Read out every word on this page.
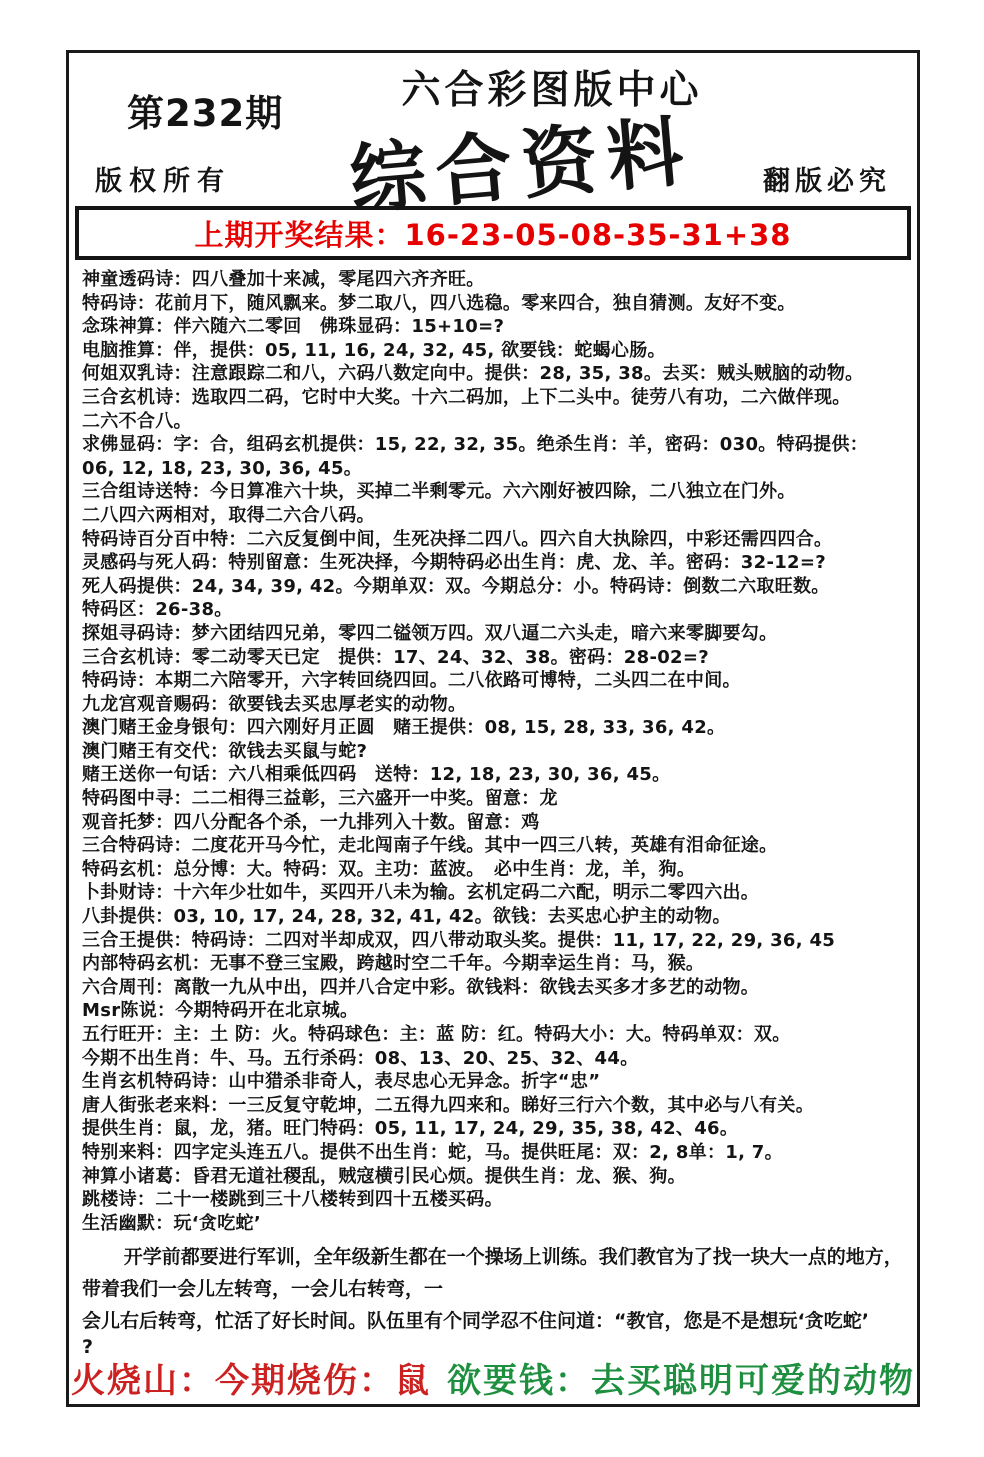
第232期
六合彩图版中心
综合资料
版权所有	翻版必究
上期开奖结果：16-23-05-08-35-31+38
神童透码诗：四八叠加十来减，零尾四六齐齐旺。
特码诗：花前月下，随风飘来。梦二取八，四八选稳。零来四合，独自猜测。友好不变。
念珠神算：伴六随六二零回　佛珠显码：15+10=?
电脑推算：伴，提供：05, 11, 16, 24, 32, 45, 欲要钱：蛇蝎心肠。
何姐双乳诗：注意跟踪二和八，六码八数定向中。提供：28, 35, 38。去买：贼头贼脑的动物。
三合玄机诗：选取四二码，它时中大奖。十六二码加，上下二头中。徒劳八有功，二六做伴现。
二六不合八。
求佛显码：字：合，组码玄机提供：15, 22, 32, 35。绝杀生肖：羊，密码：030。特码提供：
06, 12, 18, 23, 30, 36, 45。
三合组诗送特：今日算准六十块，买掉二半剩零元。六六刚好被四除，二八独立在门外。
二八四六两相对，取得二六合八码。
特码诗百分百中特：二六反复倒中间，生死决择二四八。四六自大执除四，中彩还需四四合。
灵感码与死人码：特别留意：生死决择，今期特码必出生肖：虎、龙、羊。密码：32-12=?
死人码提供：24, 34, 39, 42。今期单双：双。今期总分：小。特码诗：倒数二六取旺数。
特码区：26-38。
探姐寻码诗：梦六团结四兄弟，零四二镒领万四。双八逼二六头走，暗六来零脚要勾。
三合玄机诗：零二动零天已定　提供：17、24、32、38。密码：28-02=?
特码诗：本期二六陪零开，六字转回绕四回。二八依路可博特，二头四二在中间。
九龙宫观音赐码：欲要钱去买忠厚老实的动物。
澳门赌王金身银句：四六刚好月正圆　赌王提供：08, 15, 28, 33, 36, 42。
澳门赌王有交代：欲钱去买鼠与蛇?
赌王送你一句话：六八相乘低四码　送特：12, 18, 23, 30, 36, 45。
特码图中寻：二二相得三益彰，三六盛开一中奖。留意：龙
观音托梦：四八分配各个杀，一九排列入十数。留意：鸡
三合特码诗：二度花开马今忙，走北闯南子午线。其中一四三八转，英雄有泪命征途。
特码玄机：总分博：大。特码：双。主功：蓝波。　必中生肖：龙，羊，狗。
卜卦财诗：十六年少壮如牛，买四开八未为输。玄机定码二六配，明示二零四六出。
八卦提供：03, 10, 17, 24, 28, 32, 41, 42。欲钱：去买忠心护主的动物。
三合王提供：特码诗：二四对半却成双，四八带动取头奖。提供：11, 17, 22, 29, 36, 45
内部特码玄机：无事不登三宝殿，跨越时空二千年。今期幸运生肖：马，猴。
六合周刊：离散一九从中出，四并八合定中彩。欲钱料：欲钱去买多才多艺的动物。
Msr陈说：今期特码开在北京城。
五行旺开：主：土 防：火。特码球色：主：蓝 防：红。特码大小：大。特码单双：双。
今期不出生肖：牛、马。五行杀码：08、13、20、25、32、44。
生肖玄机特码诗：山中猎杀非奇人，表尽忠心无异念。折字“忠”
唐人街张老来料：一三反复守乾坤，二五得九四来和。睇好三行六个数，其中必与八有关。
提供生肖：鼠，龙，猪。旺门特码：05, 11, 17, 24, 29, 35, 38, 42、46。
特别来料：四字定头连五八。提供不出生肖：蛇，马。提供旺尾：双：2, 8单：1, 7。
神算小诸葛：昏君无道社稷乱，贼寇横引民心烦。提供生肖：龙、猴、狗。
跳楼诗：二十一楼跳到三十八楼转到四十五楼买码。
生活幽默：玩‘贪吃蛇’
开学前都要进行军训，全年级新生都在一个操场上训练。我们教官为了找一块大一点的地方，
带着我们一会儿左转弯，一会儿右转弯，一
会儿右后转弯，忙活了好长时间。队伍里有个同学忍不住问道：“教官，您是不是想玩‘贪吃蛇’
?
火烧山：今期烧伤：鼠 欲要钱：去买聪明可爱的动物
